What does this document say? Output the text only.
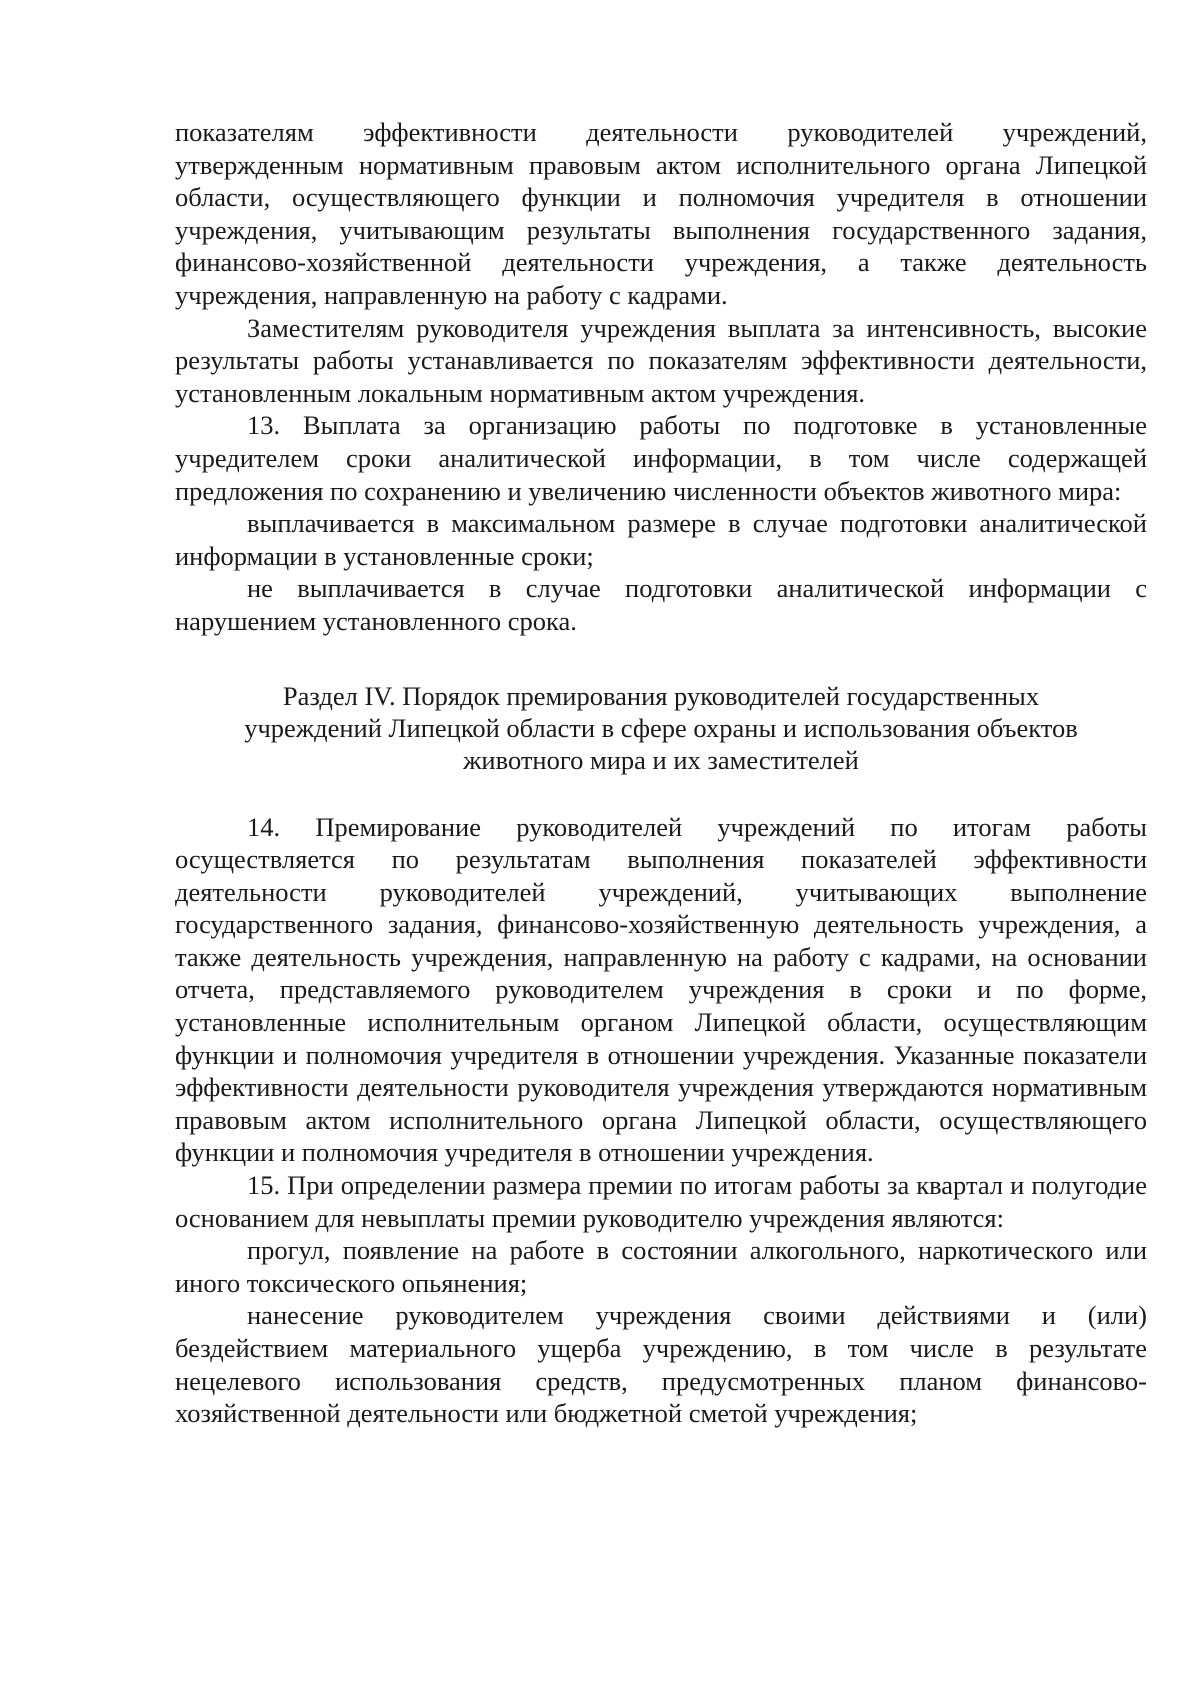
показателям эффективности деятельности руководителей учреждений, утвержденным нормативным правовым актом исполнительного органа Липецкой области, осуществляющего функции и полномочия учредителя в отношении учреждения, учитывающим результаты выполнения государственного задания, финансово-хозяйственной деятельности учреждения, а также деятельность учреждения, направленную на работу с кадрами.

Заместителям руководителя учреждения выплата за интенсивность, высокие результаты работы устанавливается по показателям эффективности деятельности, установленным локальным нормативным актом учреждения.

13. Выплата за организацию работы по подготовке в установленные учредителем сроки аналитической информации, в том числе содержащей предложения по сохранению и увеличению численности объектов животного мира:

выплачивается в максимальном размере в случае подготовки аналитической информации в установленные сроки;

не выплачивается в случае подготовки аналитической информации с нарушением установленного срока.

Раздел IV. Порядок премирования руководителей государственных
учреждений Липецкой области в сфере охраны и использования объектов
животного мира и их заместителей

14. Премирование руководителей учреждений по итогам работы осуществляется по результатам выполнения показателей эффективности деятельности руководителей учреждений, учитывающих выполнение государственного задания, финансово-хозяйственную деятельность учреждения, а также деятельность учреждения, направленную на работу с кадрами, на основании отчета, представляемого руководителем учреждения в сроки и по форме, установленные исполнительным органом Липецкой области, осуществляющим функции и полномочия учредителя в отношении учреждения. Указанные показатели эффективности деятельности руководителя учреждения утверждаются нормативным правовым актом исполнительного органа Липецкой области, осуществляющего функции и полномочия учредителя в отношении учреждения.

15. При определении размера премии по итогам работы за квартал и полугодие основанием для невыплаты премии руководителю учреждения являются:

прогул, появление на работе в состоянии алкогольного, наркотического или иного токсического опьянения;

нанесение руководителем учреждения своими действиями и (или) бездействием материального ущерба учреждению, в том числе в результате нецелевого использования средств, предусмотренных планом финансово-хозяйственной деятельности или бюджетной сметой учреждения;
